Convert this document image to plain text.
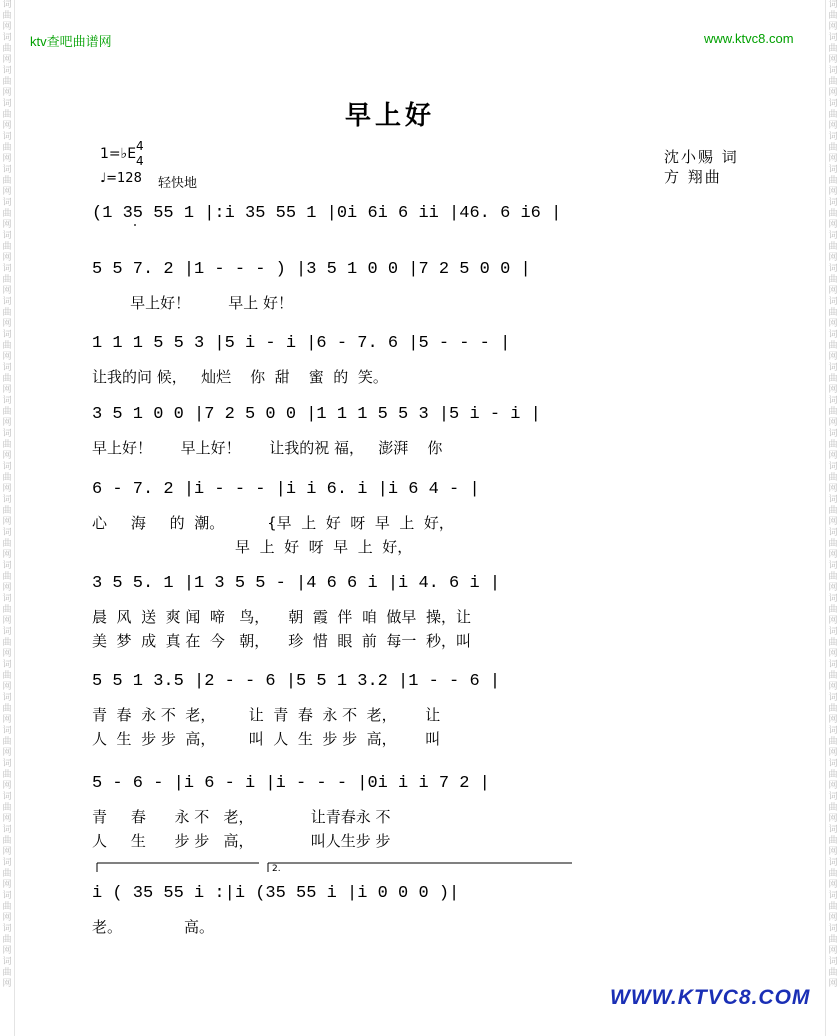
词
曲
网
词
曲
网
词
曲
网
词
曲
网
词
曲
网
词
曲
网
词
曲
网
词
曲
网
词
曲
网
词
曲
网
词
曲
网
词
曲
网
词
曲
网
词
曲
网
词
曲
网
词
曲
网
词
曲
网
词
曲
网
词
曲
网
词
曲
网
词
曲
网
词
曲
网
词
曲
网
词
曲
网
词
曲
网
词
曲
网
词
曲
网
词
曲
网
词
曲
网
词
曲
网
词
曲
网
词
曲
网
词
曲
网
词
曲
网
词
曲
网
词
曲
网
词
曲
网
词
曲
网
词
曲
网
词
曲
网
词
曲
网
词
曲
网
词
曲
网
词
曲
网
词
曲
网
词
曲
网
词
曲
网
词
曲
网
词
曲
网
词
曲
网
词
曲
网
词
曲
网
词
曲
网
词
曲
网
词
曲
网
词
曲
网
词
曲
网
词
曲
网
词
曲
网
词
曲
网
ktv查吧曲谱网	www.ktvc8.com
早上好
1=♭E 4
4
♩=128 轻快地
沈小赐 词
方 翔曲
(1 35 55 1 |:i 35 55 1 |0i 6i 6 ii |46. 6 i6 |
5 5 7. 2 |1 - - - ) |3 5 1 0 0 |7 2 5 0 0 |
早上好！        早上 好！
1 1 1 5 5 3 |5 i - i |6 - 7. 6 |5 - - - |
让我的问 候，   灿烂    你  甜    蜜  的  笑。
3 5 1 0 0 |7 2 5 0 0 |1 1 1 5 5 3 |5 i - i |
早上好！      早上好！      让我的祝 福，   澎湃    你
6 - 7. 2 |i - - - |i i 6. i |i 6 4 - |
心     海     的  潮。         {早  上  好  呀  早  上  好，
早  上  好  呀  早  上  好，
3 5 5. 1 |1 3 5 5 - |4 6 6 i |i 4. 6 i |
晨  风  送  爽 闻  啼   鸟，    朝  霞  伴  咱  做早  操，让
美  梦  成  真 在  今   朝，    珍  惜  眼  前  每一  秒，叫
5 5 1 3.5 |2 - - 6 |5 5 1 3.2 |1 - - 6 |
青  春  永 不  老，       让  青  春  永 不  老，      让
人  生  步 步  高，       叫  人  生  步 步  高，      叫
5 - 6 - |i 6 - i |i - - - |0i i i 7 2 |
青     春      永 不   老，            让青春永 不
人     生      步 步   高，            叫人生步 步
i ( 35 55 i :|i (35 55 i |i 0 0 0 )|
老。             高。
2.
WWW.KTVC8.COM
